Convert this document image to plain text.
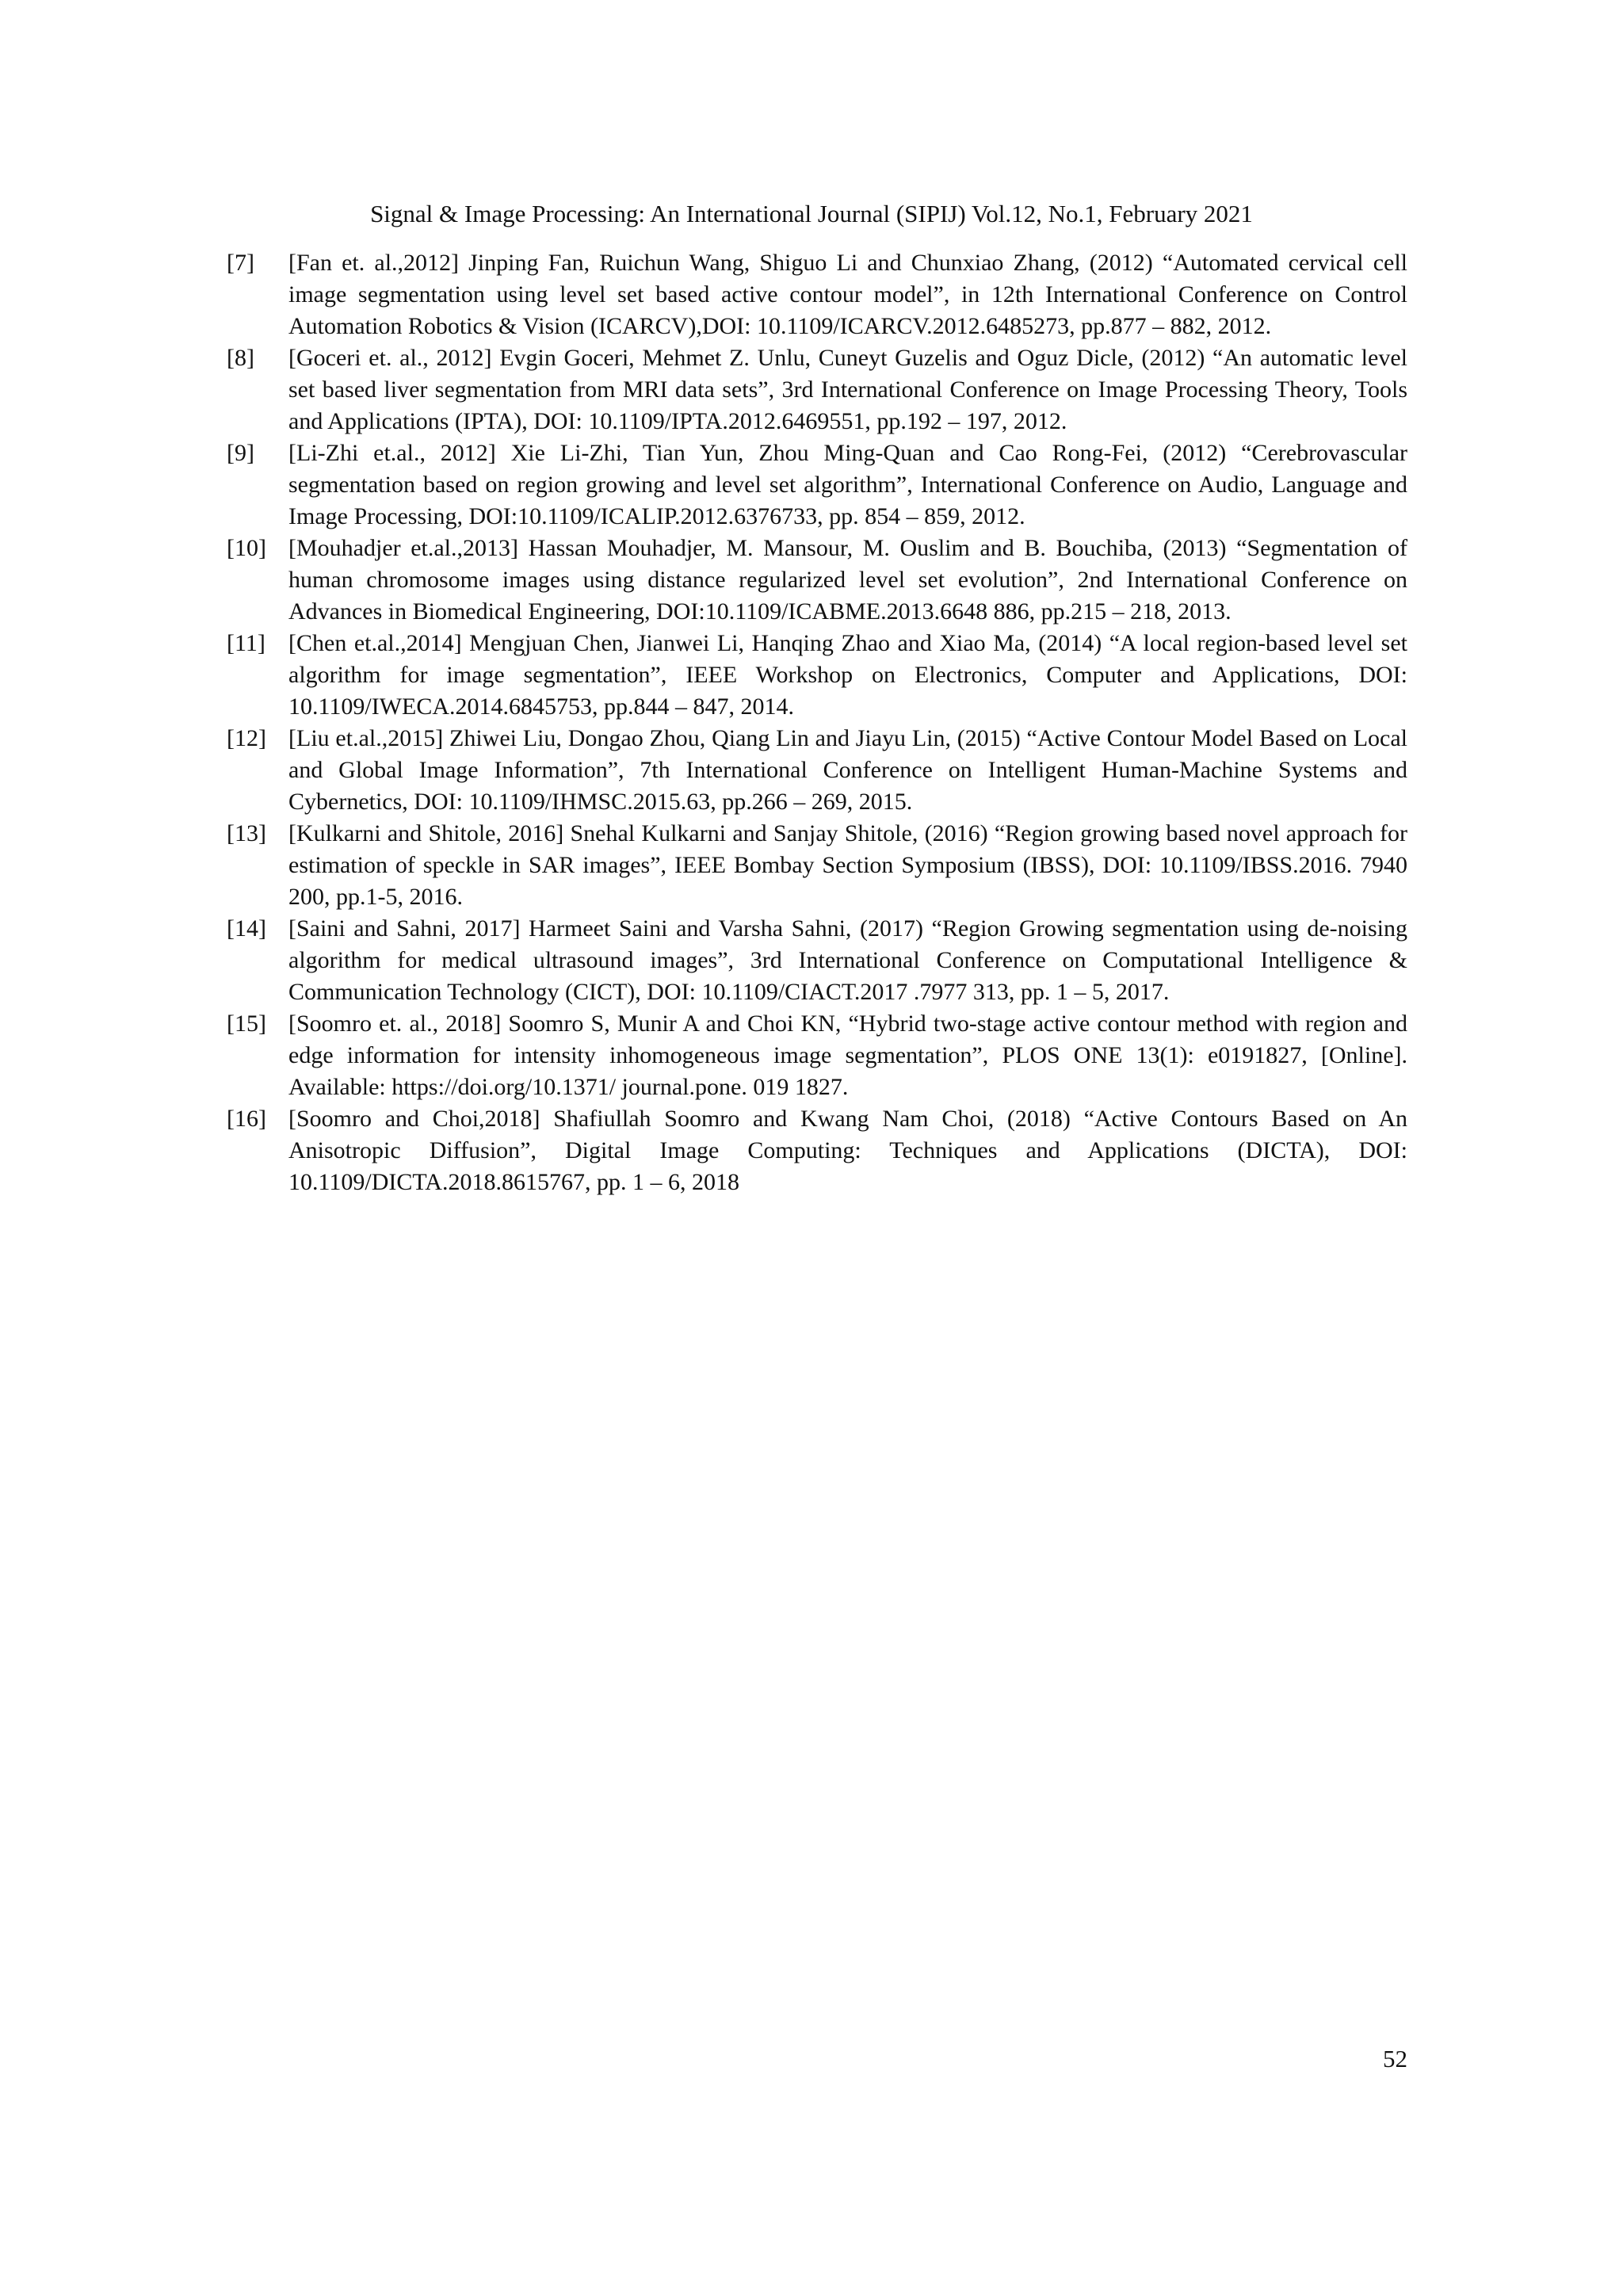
Signal & Image Processing: An International Journal (SIPIJ) Vol.12, No.1, February 2021
[7]	[Fan et. al.,2012] Jinping Fan, Ruichun Wang, Shiguo Li and Chunxiao Zhang, (2012) “Automated cervical cell image segmentation using level set based active contour model”, in 12th International Conference on Control Automation Robotics & Vision (ICARCV),DOI: 10.1109/ICARCV.2012.6485273, pp.877 – 882, 2012.
[8]	[Goceri et. al., 2012] Evgin Goceri, Mehmet Z. Unlu, Cuneyt Guzelis and Oguz Dicle, (2012) “An automatic level set based liver segmentation from MRI data sets”, 3rd International Conference on Image Processing Theory, Tools and Applications (IPTA), DOI: 10.1109/IPTA.2012.6469551, pp.192 – 197, 2012.
[9]	[Li-Zhi et.al., 2012] Xie Li-Zhi, Tian Yun, Zhou Ming-Quan and Cao Rong-Fei, (2012) “Cerebrovascular segmentation based on region growing and level set algorithm”, International Conference on Audio, Language and Image Processing, DOI:10.1109/ICALIP.2012.6376733, pp. 854 – 859, 2012.
[10] [Mouhadjer et.al.,2013] Hassan Mouhadjer, M. Mansour, M. Ouslim and B. Bouchiba, (2013) “Segmentation of human chromosome images using distance regularized level set evolution”, 2nd International Conference on Advances in Biomedical Engineering, DOI:10.1109/ICABME.2013.6648 886, pp.215 – 218, 2013.
[11] [Chen et.al.,2014] Mengjuan Chen, Jianwei Li, Hanqing Zhao and Xiao Ma, (2014) “A local region-based level set algorithm for image segmentation”, IEEE Workshop on Electronics, Computer and Applications, DOI: 10.1109/IWECA.2014.6845753, pp.844 – 847, 2014.
[12] [Liu et.al.,2015] Zhiwei Liu, Dongao Zhou, Qiang Lin and Jiayu Lin, (2015) “Active Contour Model Based on Local and Global Image Information”, 7th International Conference on Intelligent Human-Machine Systems and Cybernetics, DOI: 10.1109/IHMSC.2015.63, pp.266 – 269, 2015.
[13] [Kulkarni and Shitole, 2016] Snehal Kulkarni and Sanjay Shitole, (2016) “Region growing based novel approach for estimation of speckle in SAR images”, IEEE Bombay Section Symposium (IBSS), DOI: 10.1109/IBSS.2016. 7940 200, pp.1-5, 2016.
[14] [Saini and Sahni, 2017] Harmeet Saini and Varsha Sahni, (2017) “Region Growing segmentation using de-noising algorithm for medical ultrasound images”, 3rd International Conference on Computational Intelligence & Communication Technology (CICT), DOI: 10.1109/CIACT.2017 .7977 313, pp. 1 – 5, 2017.
[15] [Soomro et. al., 2018] Soomro S, Munir A and Choi KN, “Hybrid two-stage active contour method with region and edge information for intensity inhomogeneous image segmentation”, PLOS ONE 13(1): e0191827, [Online]. Available: https://doi.org/10.1371/ journal.pone. 019 1827.
[16] [Soomro and Choi,2018] Shafiullah Soomro and Kwang Nam Choi, (2018) “Active Contours Based on An Anisotropic Diffusion”, Digital Image Computing: Techniques and Applications (DICTA), DOI: 10.1109/DICTA.2018.8615767, pp. 1 – 6, 2018
52
